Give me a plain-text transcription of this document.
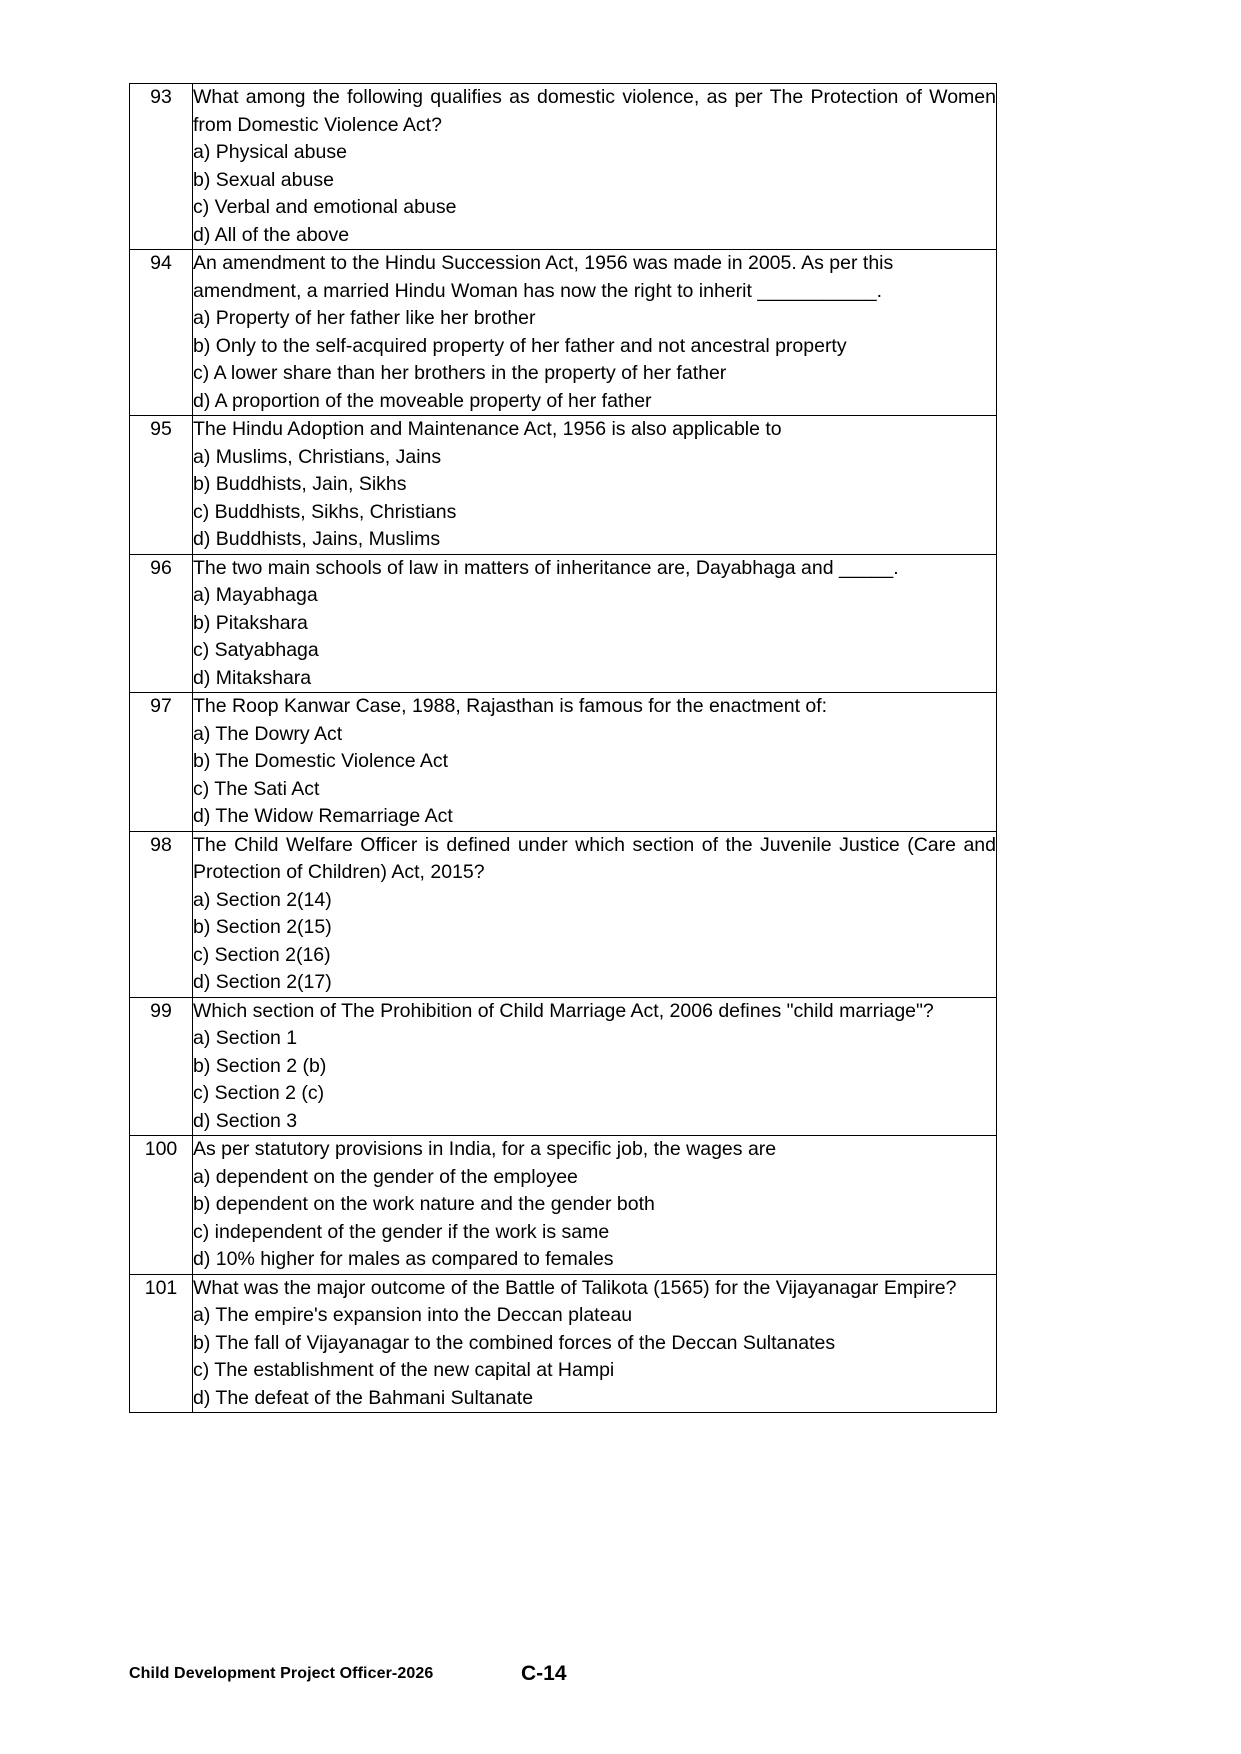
93	What among the following qualifies as domestic violence, as per The Protection of Women from Domestic Violence Act?

a) Physical abuse

b) Sexual abuse

c) Verbal and emotional abuse

d) All of the above

94	An amendment to the Hindu Succession Act, 1956 was made in 2005. As per this amendment, a married Hindu Woman has now the right to inherit ___________.

a) Property of her father like her brother

b) Only to the self-acquired property of her father and not ancestral property

c) A lower share than her brothers in the property of her father

d) A proportion of the moveable property of her father

95	The Hindu Adoption and Maintenance Act, 1956 is also applicable to

a) Muslims, Christians, Jains

b) Buddhists, Jain, Sikhs

c) Buddhists, Sikhs, Christians

d) Buddhists, Jains, Muslims

96	The two main schools of law in matters of inheritance are, Dayabhaga and _____.

a) Mayabhaga

b) Pitakshara

c) Satyabhaga

d) Mitakshara

97	The Roop Kanwar Case, 1988, Rajasthan is famous for the enactment of:

a) The Dowry Act

b) The Domestic Violence Act

c) The Sati Act

d) The Widow Remarriage Act

98	The Child Welfare Officer is defined under which section of the Juvenile Justice (Care and Protection of Children) Act, 2015?

a) Section 2(14)

b) Section 2(15)

c) Section 2(16)

d) Section 2(17)

99	Which section of The Prohibition of Child Marriage Act, 2006 defines "child marriage"?

a) Section 1

b) Section 2 (b)

c) Section 2 (c)

d) Section 3

100	As per statutory provisions in India, for a specific job, the wages are

a) dependent on the gender of the employee

b) dependent on the work nature and the gender both

c) independent of the gender if the work is same

d) 10% higher for males as compared to females

101	What was the major outcome of the Battle of Talikota (1565) for the Vijayanagar Empire?

a) The empire's expansion into the Deccan plateau

b) The fall of Vijayanagar to the combined forces of the Deccan Sultanates

c) The establishment of the new capital at Hampi

d) The defeat of the Bahmani Sultanate

Child Development Project Officer-2026	C-14
